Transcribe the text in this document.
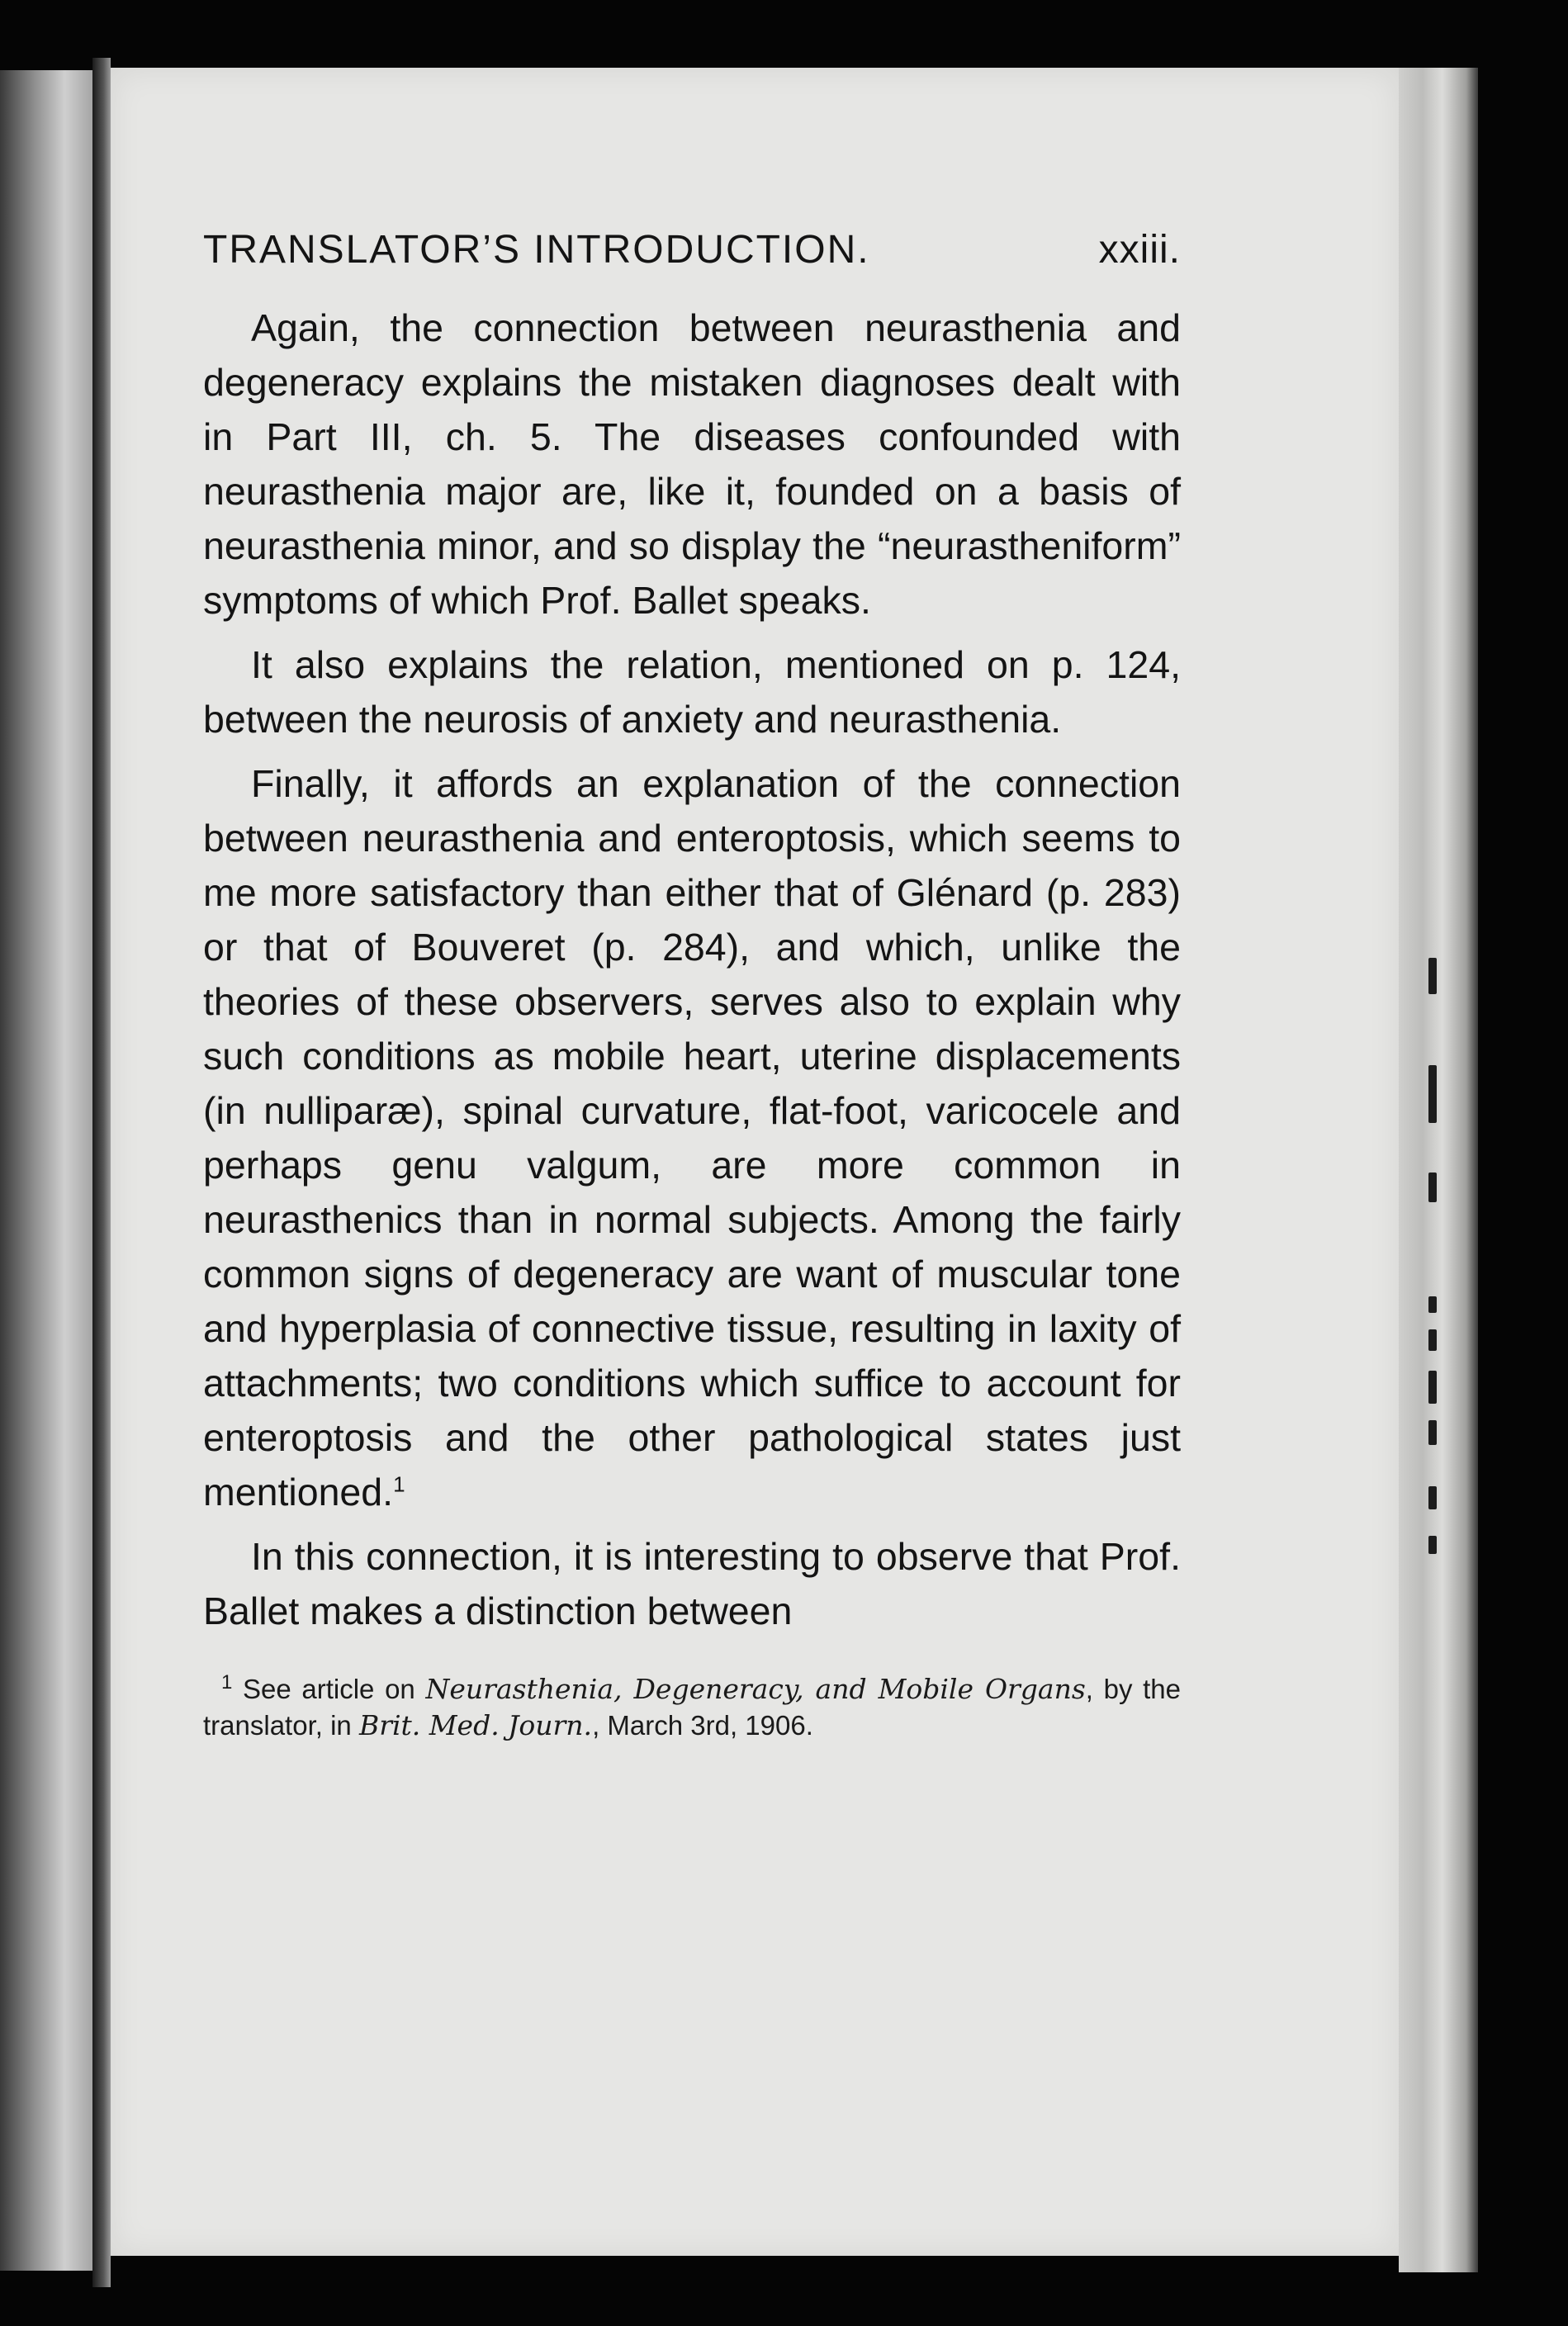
TRANSLATOR’S INTRODUCTION.	xxiii.

Again, the connection between neurasthenia and degeneracy explains the mistaken diagnoses dealt with in Part III, ch. 5. The diseases confounded with neurasthenia major are, like it, founded on a basis of neurasthenia minor, and so display the “neurastheniform” symptoms of which Prof. Ballet speaks.

It also explains the relation, mentioned on p. 124, between the neurosis of anxiety and neurasthenia.

Finally, it affords an explanation of the connection between neurasthenia and enteroptosis, which seems to me more satisfactory than either that of Glénard (p. 283) or that of Bouveret (p. 284), and which, unlike the theories of these observers, serves also to explain why such conditions as mobile heart, uterine displacements (in nulliparæ), spinal curvature, flat-foot, varicocele and perhaps genu valgum, are more common in neurasthenics than in normal subjects. Among the fairly common signs of degeneracy are want of muscular tone and hyperplasia of connective tissue, resulting in laxity of attachments; two conditions which suffice to account for enteroptosis and the other pathological states just mentioned.$^1$

In this connection, it is interesting to observe that Prof. Ballet makes a distinction between

$^1$ See article on Neurasthenia, Degeneracy, and Mobile Organs, by the translator, in Brit. Med. Journ., March 3rd, 1906.
